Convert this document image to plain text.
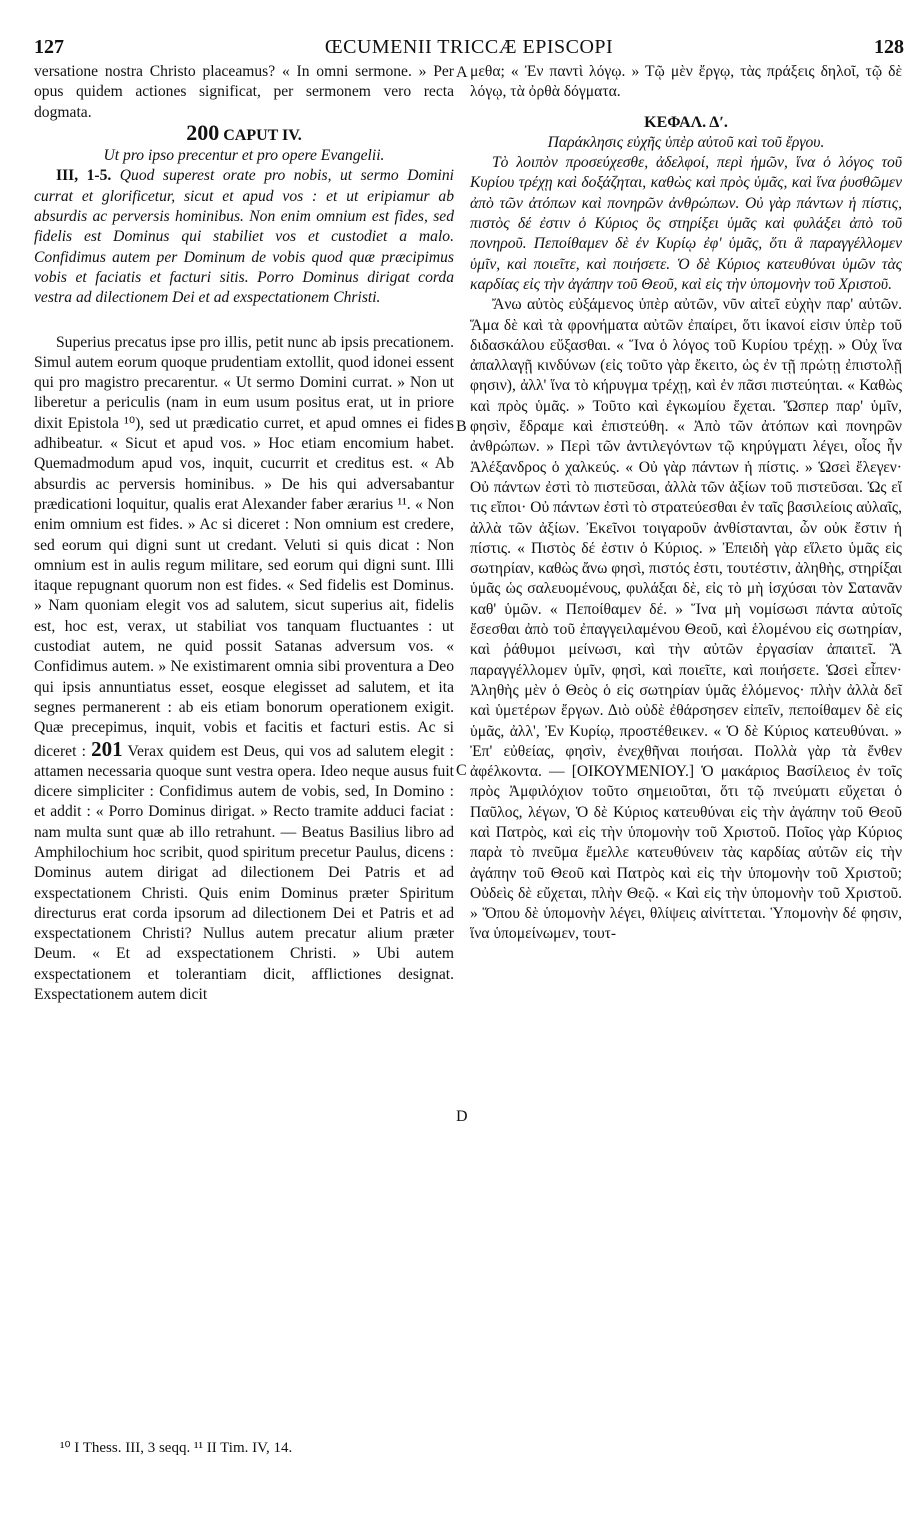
127	ŒCUMENII TRICCÆ EPISCOPI	128

versatione nostra Christo placeamus? « In omni sermone. » Per opus quidem actiones significat, per sermonem vero recta dogmata.

200 CAPUT IV.

Ut pro ipso precentur et pro opere Evangelii.

III, 1-5. Quod superest orate pro nobis, ut sermo Domini currat et glorificetur, sicut et apud vos : et ut eripiamur ab absurdis ac perversis hominibus. Non enim omnium est fides, sed fidelis est Dominus qui stabiliet vos et custodiet a malo. Confidimus autem per Dominum de vobis quod quæ præcipimus vobis et faciatis et facturi sitis. Porro Dominus dirigat corda vestra ad dilectionem Dei et ad exspectationem Christi.

Superius precatus ipse pro illis, petit nunc ab ipsis precationem. Simul autem eorum quoque prudentiam extollit, quod idonei essent qui pro magistro precarentur. « Ut sermo Domini currat. » Non ut liberetur a periculis (nam in eum usum positus erat, ut in priore dixit Epistola ¹⁰), sed ut prædicatio curret, et apud omnes ei fides adhibeatur. « Sicut et apud vos. » Hoc etiam encomium habet. Quemadmodum apud vos, inquit, cucurrit et creditus est. « Ab absurdis ac perversis hominibus. » De his qui adversabantur prædicationi loquitur, qualis erat Alexander faber ærarius ¹¹. « Non enim omnium est fides. » Ac si diceret : Non omnium est credere, sed eorum qui digni sunt ut credant. Veluti si quis dicat : Non omnium est in aulis regum militare, sed eorum qui digni sunt. Illi itaque repugnant quorum non est fides. « Sed fidelis est Dominus. » Nam quoniam elegit vos ad salutem, sicut superius ait, fidelis est, hoc est, verax, ut stabiliat vos tanquam fluctuantes : ut custodiat autem, ne quid possit Satanas adversum vos. « Confidimus autem. » Ne existimarent omnia sibi proventura a Deo qui ipsis annuntiatus esset, eosque elegisset ad salutem, et ita segnes permanerent : ab eis etiam bonorum operationem exigit. Quæ precepimus, inquit, vobis et facitis et facturi estis. Ac si diceret : 201 Verax quidem est Deus, qui vos ad salutem elegit : attamen necessaria quoque sunt vestra opera. Ideo neque ausus fuit dicere simpliciter : Confidimus autem de vobis, sed, In Domino : et addit : « Porro Dominus dirigat. » Recto tramite adduci faciat : nam multa sunt quæ ab illo retrahunt. — Beatus Basilius libro ad Amphilochium hoc scribit, quod spiritum precetur Paulus, dicens : Dominus autem dirigat ad dilectionem Dei Patris et ad exspectationem Christi. Quis enim Dominus præter Spiritum directurus erat corda ipsorum ad dilectionem Dei et Patris et ad exspectationem Christi? Nullus autem precatur alium præter Deum. « Et ad exspectationem Christi. » Ubi autem exspectationem et tolerantiam dicit, afflictiones designat. Exspectationem autem dicit

A
B
C
D

μεθα; « Ἐν παντὶ λόγῳ. » Τῷ μὲν ἔργῳ, τὰς πράξεις δηλοῖ, τῷ δὲ λόγῳ, τὰ ὀρθὰ δόγματα.

ΚΕΦΑΛ. Δʹ.

Παράκλησις εὐχῆς ὑπὲρ αὐτοῦ καὶ τοῦ ἔργου.

Τὸ λοιπὸν προσεύχεσθε, ἀδελφοί, περὶ ἡμῶν, ἵνα ὁ λόγος τοῦ Κυρίου τρέχῃ καὶ δοξάζηται, καθὼς καὶ πρὸς ὑμᾶς, καὶ ἵνα ῥυσθῶμεν ἀπὸ τῶν ἀτόπων καὶ πονηρῶν ἀνθρώπων. Οὐ γὰρ πάντων ἡ πίστις, πιστὸς δέ ἐστιν ὁ Κύριος ὃς στηρίξει ὑμᾶς καὶ φυλάξει ἀπὸ τοῦ πονηροῦ. Πεποίθαμεν δὲ ἐν Κυρίῳ ἐφ' ὑμᾶς, ὅτι ἃ παραγγέλλομεν ὑμῖν, καὶ ποιεῖτε, καὶ ποιήσετε. Ὁ δὲ Κύριος κατευθύναι ὑμῶν τὰς καρδίας εἰς τὴν ἀγάπην τοῦ Θεοῦ, καὶ εἰς τὴν ὑπομονὴν τοῦ Χριστοῦ.

Ἄνω αὐτὸς εὐξάμενος ὑπὲρ αὐτῶν, νῦν αἰτεῖ εὐχὴν παρ' αὐτῶν. Ἅμα δὲ καὶ τὰ φρονήματα αὐτῶν ἐπαίρει, ὅτι ἱκανοί εἰσιν ὑπὲρ τοῦ διδασκάλου εὔξασθαι. « Ἵνα ὁ λόγος τοῦ Κυρίου τρέχῃ. » Οὐχ ἵνα ἀπαλλαγῇ κινδύνων (εἰς τοῦτο γὰρ ἔκειτο, ὡς ἐν τῇ πρώτῃ ἐπιστολῇ φησιν), ἀλλ' ἵνα τὸ κήρυγμα τρέχῃ, καὶ ἐν πᾶσι πιστεύηται. « Καθὼς καὶ πρὸς ὑμᾶς. » Τοῦτο καὶ ἐγκωμίου ἔχεται. Ὥσπερ παρ' ὑμῖν, φησὶν, ἔδραμε καὶ ἐπιστεύθη. « Ἀπὸ τῶν ἀτόπων καὶ πονηρῶν ἀνθρώπων. » Περὶ τῶν ἀντιλεγόντων τῷ κηρύγματι λέγει, οἷος ἦν Ἀλέξανδρος ὁ χαλκεύς. « Οὐ γὰρ πάντων ἡ πίστις. » Ὡσεὶ ἔλεγεν· Οὐ πάντων ἐστὶ τὸ πιστεῦσαι, ἀλλὰ τῶν ἀξίων τοῦ πιστεῦσαι. Ὡς εἴ τις εἴποι· Οὐ πάντων ἐστὶ τὸ στρατεύεσθαι ἐν ταῖς βασιλείοις αὐλαῖς, ἀλλὰ τῶν ἀξίων. Ἐκεῖνοι τοιγαροῦν ἀνθίστανται, ὧν οὐκ ἔστιν ἡ πίστις. « Πιστὸς δέ ἐστιν ὁ Κύριος. » Ἐπειδὴ γὰρ εἵλετο ὑμᾶς εἰς σωτηρίαν, καθὼς ἄνω φησὶ, πιστός ἐστι, τουτέστιν, ἀληθὴς, στηρίξαι ὑμᾶς ὡς σαλευομένους, φυλάξαι δὲ, εἰς τὸ μὴ ἰσχύσαι τὸν Σατανᾶν καθ' ὑμῶν. « Πεποίθαμεν δέ. » Ἵνα μὴ νομίσωσι πάντα αὐτοῖς ἔσεσθαι ἀπὸ τοῦ ἐπαγγειλαμένου Θεοῦ, καὶ ἑλομένου εἰς σωτηρίαν, καὶ ῥάθυμοι μείνωσι, καὶ τὴν αὐτῶν ἐργασίαν ἀπαιτεῖ. Ἃ παραγγέλλομεν ὑμῖν, φησὶ, καὶ ποιεῖτε, καὶ ποιήσετε. Ὡσεὶ εἶπεν· Ἀληθὴς μὲν ὁ Θεὸς ὁ εἰς σωτηρίαν ὑμᾶς ἑλόμενος· πλὴν ἀλλὰ δεῖ καὶ ὑμετέρων ἔργων. Διὸ οὐδὲ ἐθάρσησεν εἰπεῖν, πεποίθαμεν δὲ εἰς ὑμᾶς, ἀλλ', Ἐν Κυρίῳ, προστέθεικεν. « Ὁ δὲ Κύριος κατευθύναι. » Ἐπ' εὐθείας, φησὶν, ἐνεχθῆναι ποιήσαι. Πολλὰ γὰρ τὰ ἔνθεν ἀφέλκοντα. — [ΟΙΚΟΥΜΕΝΙΟΥ.] Ὁ μακάριος Βασίλειος ἐν τοῖς πρὸς Ἀμφιλόχιον τοῦτο σημειοῦται, ὅτι τῷ πνεύματι εὔχεται ὁ Παῦλος, λέγων, Ὁ δὲ Κύριος κατευθύναι εἰς τὴν ἀγάπην τοῦ Θεοῦ καὶ Πατρὸς, καὶ εἰς τὴν ὑπομονὴν τοῦ Χριστοῦ. Ποῖος γὰρ Κύριος παρὰ τὸ πνεῦμα ἔμελλε κατευθύνειν τὰς καρδίας αὐτῶν εἰς τὴν ἀγάπην τοῦ Θεοῦ καὶ Πατρὸς καὶ εἰς τὴν ὑπομονὴν τοῦ Χριστοῦ; Οὐδεὶς δὲ εὔχεται, πλὴν Θεῷ. « Καὶ εἰς τὴν ὑπομονὴν τοῦ Χριστοῦ. » Ὅπου δὲ ὑπομονὴν λέγει, θλίψεις αἰνίττεται. Ὑπομονὴν δέ φησιν, ἵνα ὑπομείνωμεν, τουτ-

¹⁰ I Thess. III, 3 seqq. ¹¹ II Tim. IV, 14.
